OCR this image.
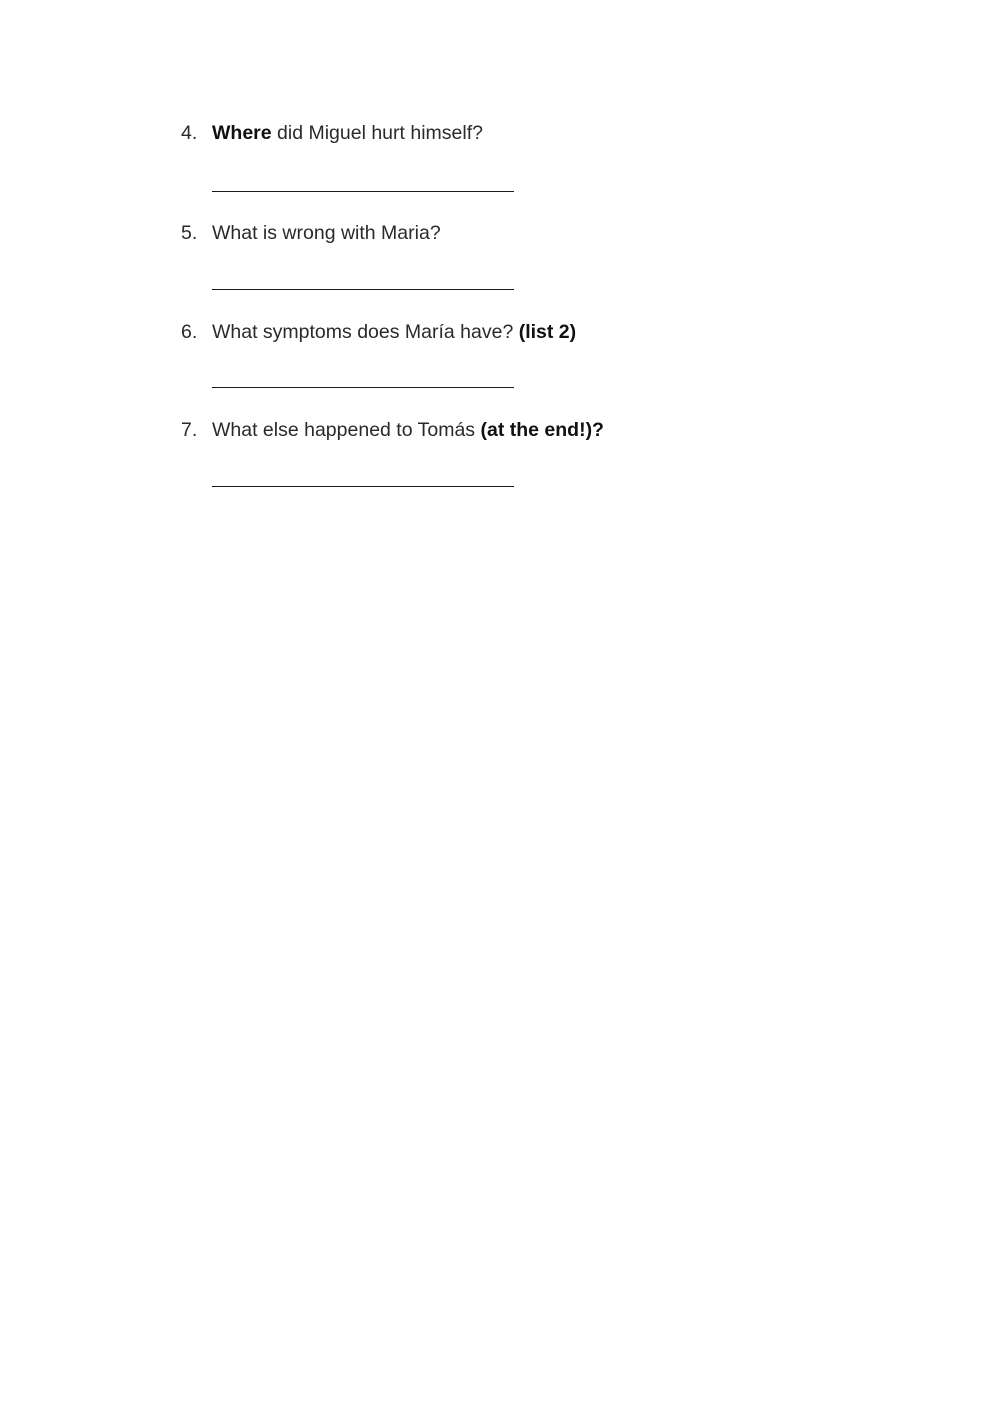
4. Where did Miguel hurt himself?
5. What is wrong with Maria?
6. What symptoms does María have? (list 2)
7. What else happened to Tomás (at the end!)?
